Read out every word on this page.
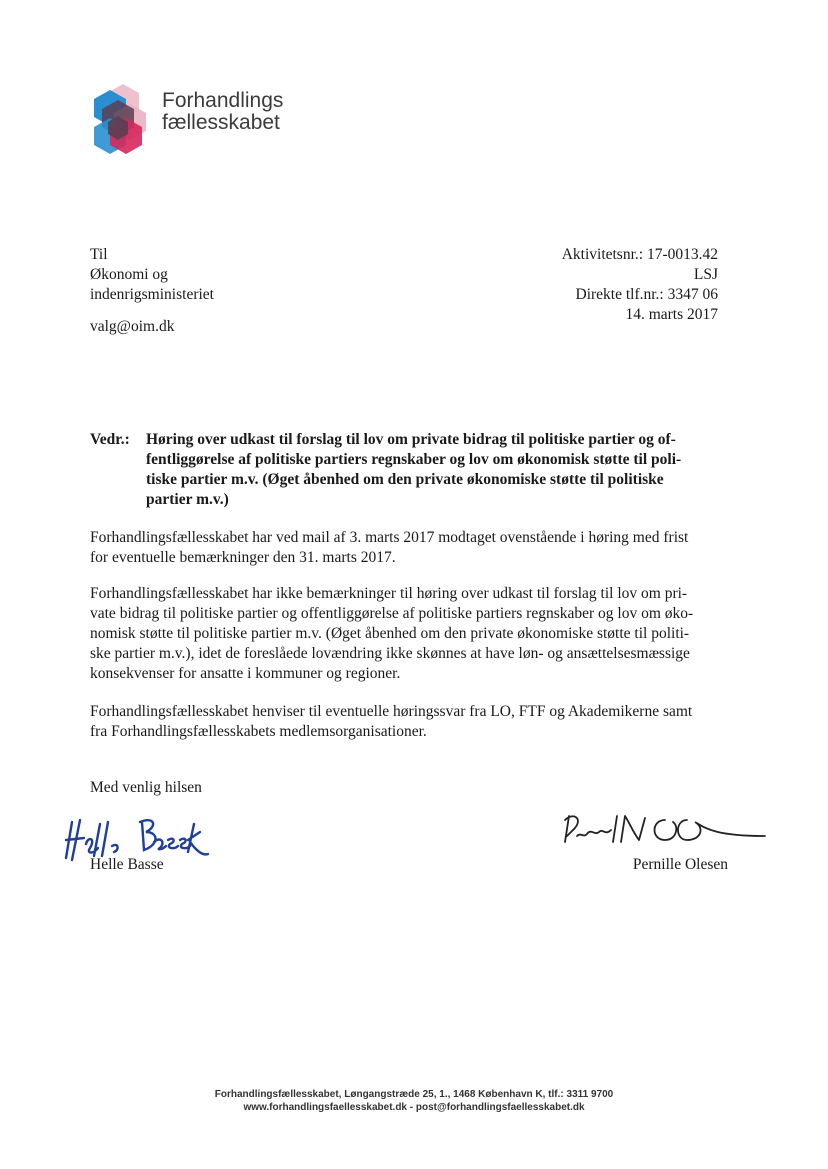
Forhandlings
fællesskabet
Til
Økonomi og
indenrigsministeriet
valg@oim.dk
Aktivitetsnr.: 17-0013.42
LSJ
Direkte tlf.nr.: 3347 06
14. marts 2017
Vedr.: Høring over udkast til forslag til lov om private bidrag til politiske partier og of-
fentliggørelse af politiske partiers regnskaber og lov om økonomisk støtte til poli-
tiske partier m.v. (Øget åbenhed om den private økonomiske støtte til politiske
partier m.v.)
Forhandlingsfællesskabet har ved mail af 3. marts 2017 modtaget ovenstående i høring med frist
for eventuelle bemærkninger den 31. marts 2017.
Forhandlingsfællesskabet har ikke bemærkninger til høring over udkast til forslag til lov om pri-
vate bidrag til politiske partier og offentliggørelse af politiske partiers regnskaber og lov om øko-
nomisk støtte til politiske partier m.v. (Øget åbenhed om den private økonomiske støtte til politi-
ske partier m.v.), idet de foreslåede lovændring ikke skønnes at have løn- og ansættelsesmæssige
konsekvenser for ansatte i kommuner og regioner.
Forhandlingsfællesskabet henviser til eventuelle høringssvar fra LO, FTF og Akademikerne samt
fra Forhandlingsfællesskabets medlemsorganisationer.
Med venlig hilsen
Helle Basse	Pernille Olesen
Forhandlingsfællesskabet, Løngangstræde 25, 1., 1468 København K, tlf.: 3311 9700
www.forhandlingsfaellesskabet.dk - post@forhandlingsfaellesskabet.dk
